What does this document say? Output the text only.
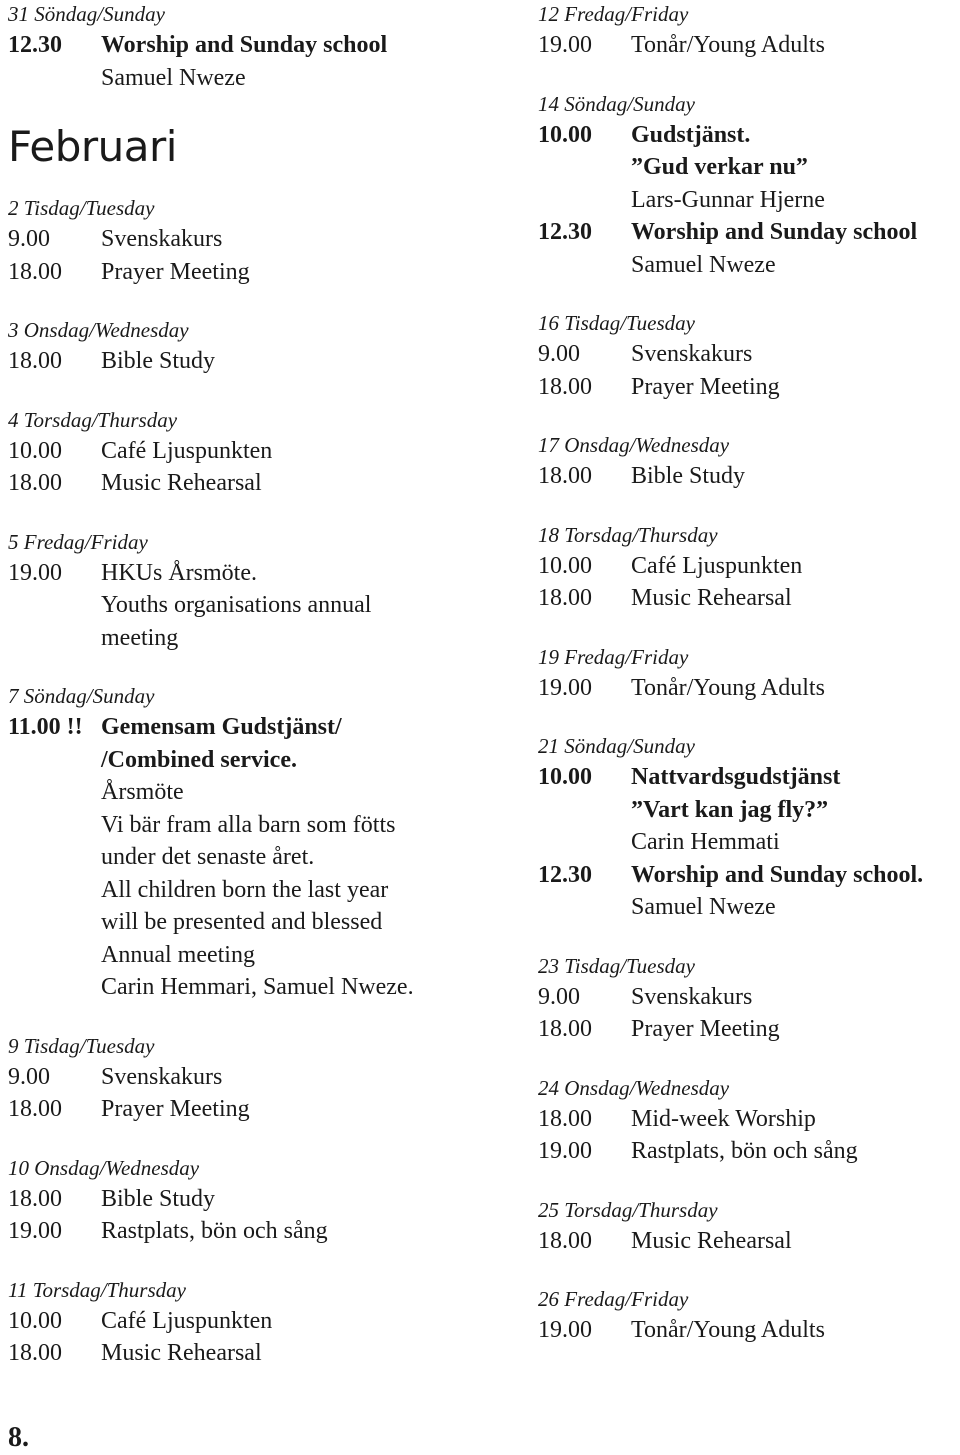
31 Söndag/Sunday
12.30	Worship and Sunday school
Samuel Nweze
Februari
2 Tisdag/Tuesday
9.00	Svenskakurs
18.00	Prayer Meeting
3 Onsdag/Wednesday
18.00	Bible Study
4 Torsdag/Thursday
10.00	Café Ljuspunkten
18.00	Music Rehearsal
5 Fredag/Friday
19.00	HKUs Årsmöte.
Youths organisations annual
meeting
7 Söndag/Sunday
11.00 !! Gemensam Gudstjänst/
/Combined service.
Årsmöte
Vi bär fram alla barn som fötts
under det senaste året.
All children born the last year
will be presented and blessed
Annual meeting
Carin Hemmari, Samuel Nweze.
9 Tisdag/Tuesday
9.00	Svenskakurs
18.00	Prayer Meeting
10 Onsdag/Wednesday
18.00	Bible Study
19.00	Rastplats, bön och sång
11 Torsdag/Thursday
10.00	Café Ljuspunkten
18.00	Music Rehearsal
12 Fredag/Friday
19.00	Tonår/Young Adults
14 Söndag/Sunday
10.00	Gudstjänst.
”Gud verkar nu”
Lars-Gunnar Hjerne
12.30	Worship and Sunday school
Samuel Nweze
16 Tisdag/Tuesday
9.00	Svenskakurs
18.00	Prayer Meeting
17 Onsdag/Wednesday
18.00	Bible Study
18 Torsdag/Thursday
10.00	Café Ljuspunkten
18.00	Music Rehearsal
19 Fredag/Friday
19.00	Tonår/Young Adults
21 Söndag/Sunday
10.00	Nattvardsgudstjänst
”Vart kan jag fly?”
Carin Hemmati
12.30	Worship and Sunday school.
Samuel Nweze
23 Tisdag/Tuesday
9.00	Svenskakurs
18.00	Prayer Meeting
24 Onsdag/Wednesday
18.00	Mid-week Worship
19.00	Rastplats, bön och sång
25 Torsdag/Thursday
18.00	Music Rehearsal
26 Fredag/Friday
19.00	Tonår/Young Adults
8.
